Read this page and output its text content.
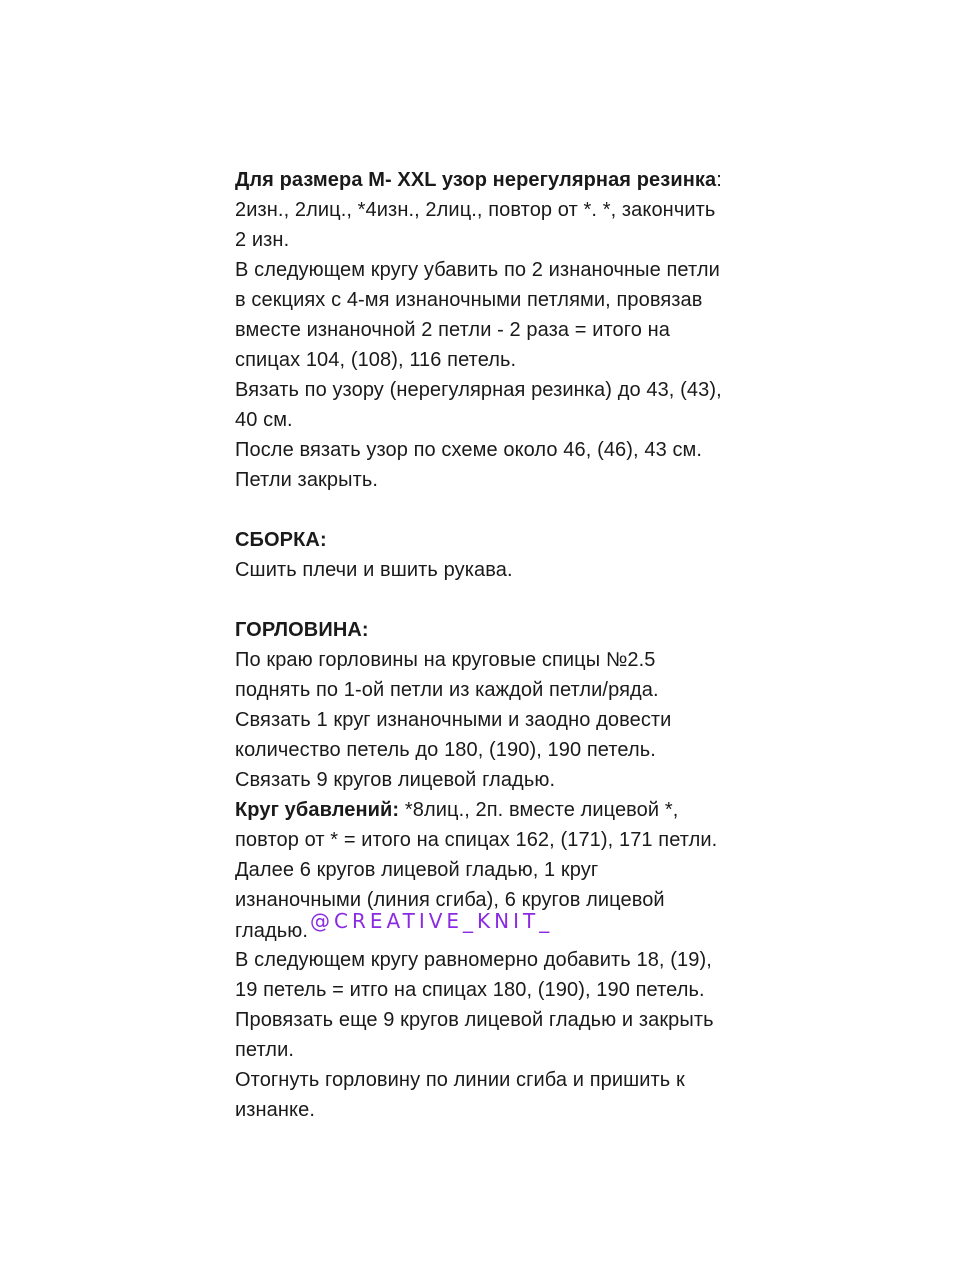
Для размера M- XXL узор нерегулярная резинка:
2изн., 2лиц., *4изн., 2лиц., повтор от *. *, закончить
2 изн.
В следующем кругу убавить по 2 изнаночные петли
в секциях с 4-мя изнаночными петлями, провязав
вместе изнаночной 2 петли - 2 раза = итого на
спицах 104, (108), 116 петель.
Вязать по узору (нерегулярная резинка) до 43, (43),
40 см.
После вязать узор по схеме около 46, (46), 43 см.
Петли закрыть.
СБОРКА:
Сшить плечи и вшить рукава.
ГОРЛОВИНА:
По краю горловины на круговые спицы №2.5
поднять по 1-ой петли из каждой петли/ряда.
Связать 1 круг изнаночными и заодно довести
количество петель до 180, (190), 190 петель.
Связать 9 кругов лицевой гладью.
Круг убавлений: *8лиц., 2п. вместе лицевой *,
повтор от * = итого на спицах 162, (171), 171 петли.
Далее 6 кругов лицевой гладью, 1 круг
изнаночными (линия сгиба), 6 кругов лицевой
гладью. @CREATIVE_KNIT_
В следующем кругу равномерно добавить 18, (19),
19 петель = итго на спицах 180, (190), 190 петель.
Провязать еще 9 кругов лицевой гладью и закрыть
петли.
Отогнуть горловину по линии сгиба и пришить к
изнанке.
